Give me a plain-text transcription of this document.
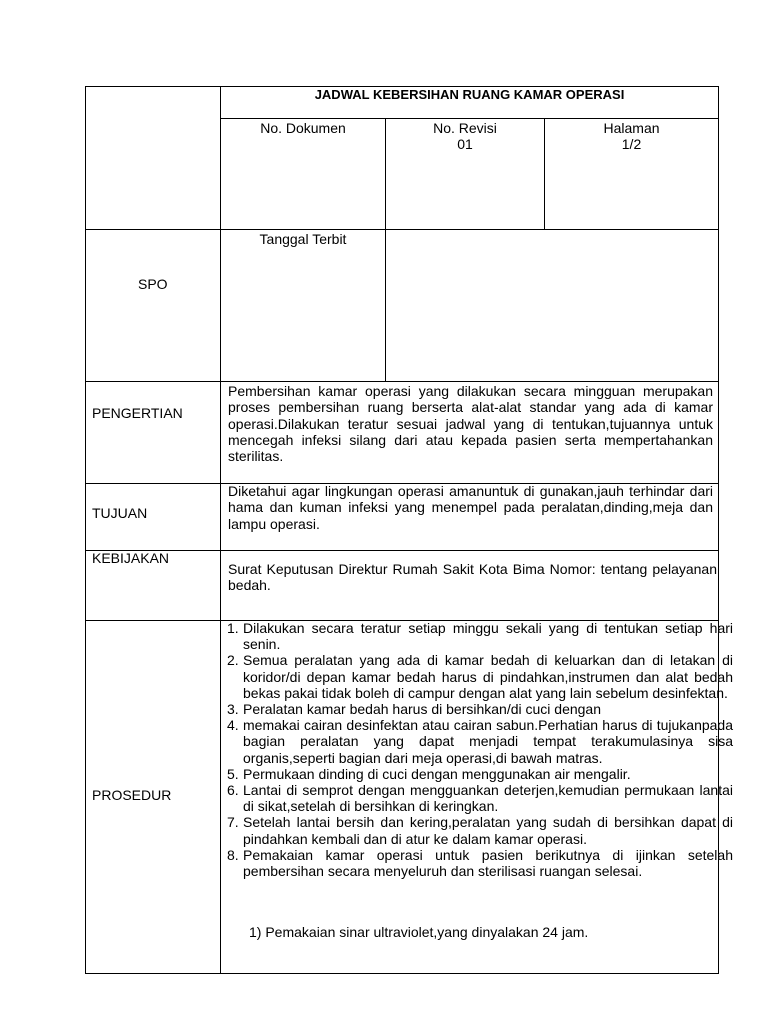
JADWAL KEBERSIHAN RUANG KAMAR OPERASI
No. Dokumen	No. Revisi
01
Halaman
1/2
Tanggal Terbit
SPO
PENGERTIAN
TUJUAN
KEBIJAKAN
PROSEDUR
Pembersihan kamar operasi yang dilakukan secara mingguan merupakan proses pembersihan ruang berserta alat-alat standar yang ada di kamar operasi.Dilakukan teratur sesuai jadwal yang di tentukan,tujuannya untuk mencegah infeksi silang dari atau kepada pasien serta mempertahankan sterilitas.
Diketahui agar lingkungan operasi amanuntuk di gunakan,jauh terhindar dari hama dan kuman infeksi yang menempel pada peralatan,dinding,meja dan lampu operasi.
Surat Keputusan Direktur Rumah Sakit Kota Bima Nomor: tentang pelayanan bedah.
Dilakukan secara teratur setiap minggu sekali yang di tentukan setiap hari senin.
Semua peralatan yang ada di kamar bedah di keluarkan dan di letakan di koridor/di depan kamar bedah harus di pindahkan,instrumen dan alat bedah bekas pakai tidak boleh di campur dengan alat yang lain sebelum desinfektan.
Peralatan kamar bedah harus di bersihkan/di cuci dengan
memakai cairan desinfektan atau cairan sabun.Perhatian harus di tujukanpada bagian peralatan yang dapat menjadi tempat terakumulasinya sisa organis,seperti bagian dari meja operasi,di bawah matras.
Permukaan dinding di cuci dengan menggunakan air mengalir.
Lantai di semprot dengan mengguankan deterjen,kemudian permukaan lantai di sikat,setelah di bersihkan di keringkan.
Setelah lantai bersih dan kering,peralatan yang sudah di bersihkan dapat di pindahkan kembali dan di atur ke dalam kamar operasi.
Pemakaian kamar operasi untuk pasien berikutnya di ijinkan setelah pembersihan secara menyeluruh dan sterilisasi ruangan selesai.
1) Pemakaian sinar ultraviolet,yang dinyalakan 24 jam.
